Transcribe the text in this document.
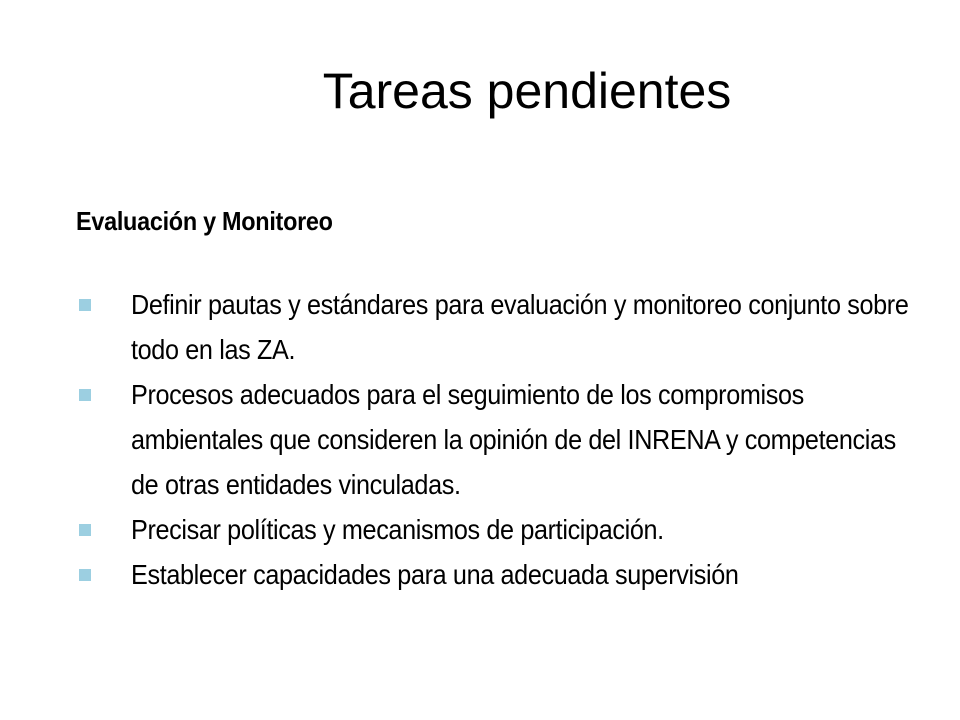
Tareas pendientes
Evaluación y Monitoreo
Definir pautas y estándares para evaluación y monitoreo conjunto sobre todo en las ZA.
Procesos adecuados para el seguimiento de los compromisos ambientales que consideren la opinión de del INRENA y competencias de otras entidades vinculadas.
Precisar políticas y mecanismos de participación.
Establecer capacidades para una adecuada supervisión
